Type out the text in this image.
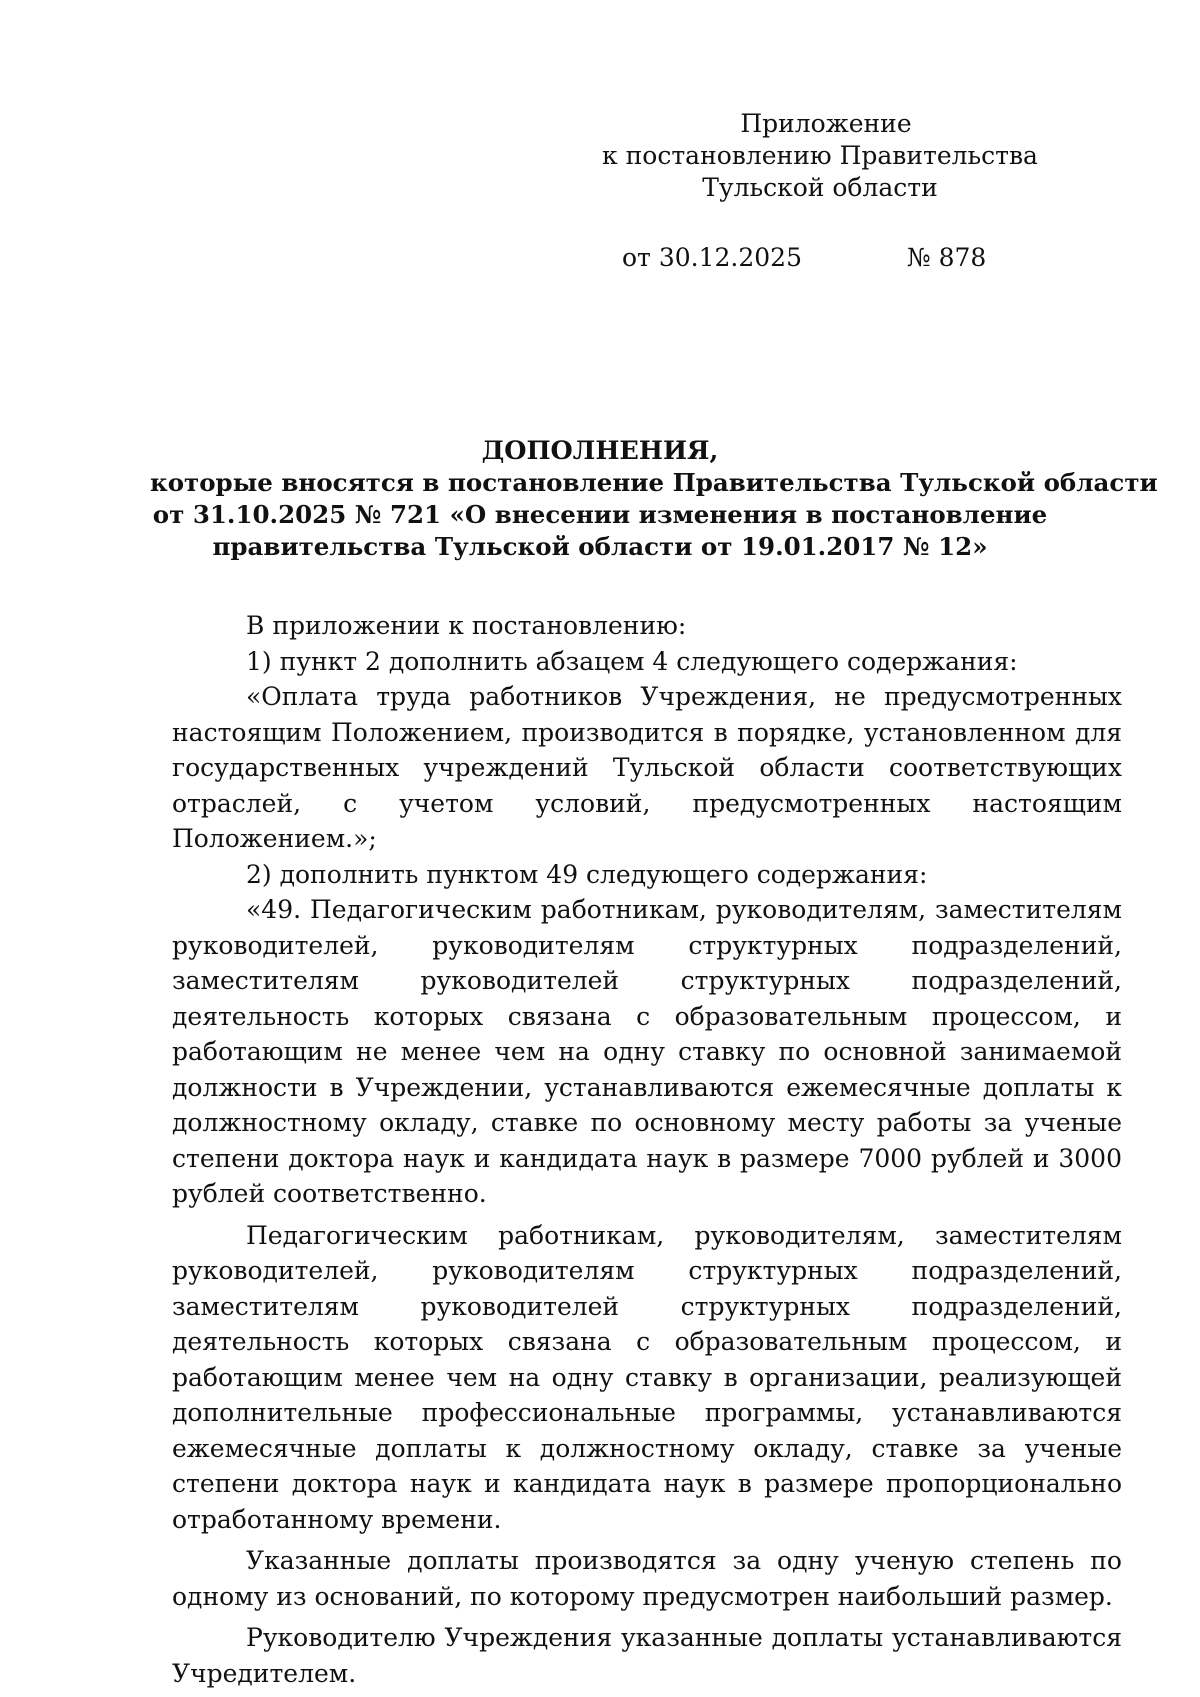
Приложение
к постановлению Правительства
Тульской области
от 30.12.2025	№ 878
ДОПОЛНЕНИЯ,
которые вносятся в постановление Правительства Тульской области
от 31.10.2025 № 721 «О внесении изменения в постановление
правительства Тульской области от 19.01.2017 № 12»

В приложении к постановлению:

1) пункт 2 дополнить абзацем 4 следующего содержания:

«Оплата труда работников Учреждения, не предусмотренных настоящим Положением, производится в порядке, установленном для государственных учреждений Тульской области соответствующих отраслей, с учетом условий, предусмотренных настоящим Положением.»;

2) дополнить пунктом 49 следующего содержания:

«49. Педагогическим работникам, руководителям, заместителям руководителей, руководителям структурных подразделений, заместителям руководителей структурных подразделений, деятельность которых связана с образовательным процессом, и работающим не менее чем на одну ставку по основной занимаемой должности в Учреждении, устанавливаются ежемесячные доплаты к должностному окладу, ставке по основному месту работы за ученые степени доктора наук и кандидата наук в размере 7000 рублей и 3000 рублей соответственно.

Педагогическим работникам, руководителям, заместителям руководителей, руководителям структурных подразделений, заместителям руководителей структурных подразделений, деятельность которых связана с образовательным процессом, и работающим менее чем на одну ставку в организации, реализующей дополнительные профессиональные программы, устанавливаются ежемесячные доплаты к должностному окладу, ставке за ученые степени доктора наук и кандидата наук в размере пропорционально отработанному времени.

Указанные доплаты производятся за одну ученую степень по одному из оснований, по которому предусмотрен наибольший размер.

Руководителю Учреждения указанные доплаты устанавливаются Учредителем.
